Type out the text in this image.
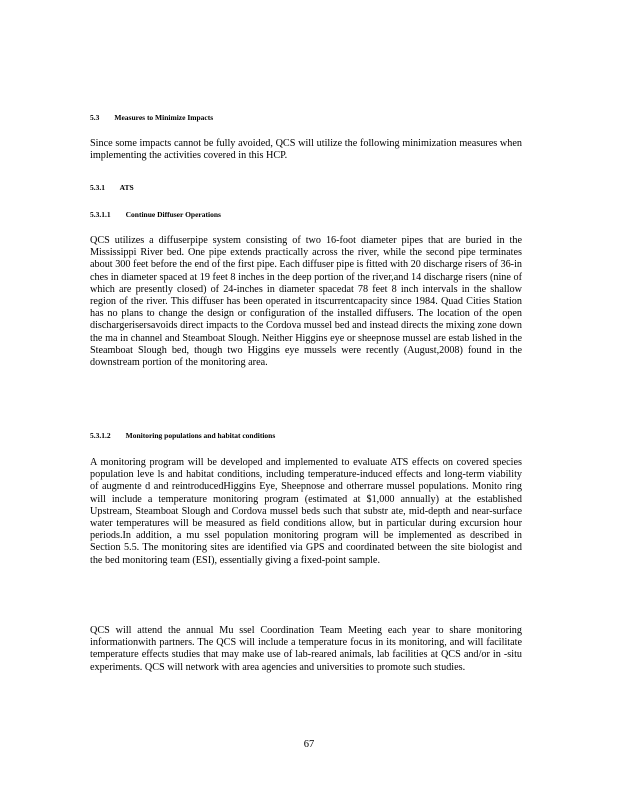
5.3 Measures to Minimize Impacts

Since some impacts cannot be fully avoided, QCS will utilize the following minimization measures when implementing the activities covered in this HCP.

5.3.1 ATS
5.3.1.1 Continue Diffuser Operations

QCS utilizes a diffuserpipe system consisting of two 16-foot diameter pipes that are buried in the Mississippi River bed. One pipe extends practically across the river, while the second pipe terminates about 300 feet before the end of the first pipe. Each diffuser pipe is fitted with 20 discharge risers of 36-in ches in diameter spaced at 19 feet 8 inches in the deep portion of the river,and 14 discharge risers (nine of which are presently closed) of 24-inches in diameter spacedat 78 feet 8 inch intervals in the shallow region of the river. This diffuser has been operated in itscurrentcapacity since 1984. Quad Cities Station has no plans to change the design or configuration of the installed diffusers. The location of the open dischargerisersavoids direct impacts to the Cordova mussel bed and instead directs the mixing zone down the ma in channel and Steamboat Slough. Neither Higgins eye or sheepnose mussel are estab lished in the Steamboat Slough bed, though two Higgins eye mussels were recently (August,2008) found in the downstream portion of the monitoring area.

5.3.1.2 Monitoring populations and habitat conditions

A monitoring program will be developed and implemented to evaluate ATS effects on covered species population leve ls and habitat conditions, including temperature-induced effects and long-term viability of augmente d and reintroducedHiggins Eye, Sheepnose and otherrare mussel populations. Monito ring will include a temperature monitoring program (estimated at $1,000 annually) at the established Upstream, Steamboat Slough and Cordova mussel beds such that substr ate, mid-depth and near-surface water temperatures will be measured as field conditions allow, but in particular during excursion hour periods.In addition, a mu ssel population monitoring program will be implemented as described in Section 5.5. The monitoring sites are identified via GPS and coordinated between the site biologist and the bed monitoring team (ESI), essentially giving a fixed-point sample.

QCS will attend the annual Mu ssel Coordination Team Meeting each year to share monitoring informationwith partners. The QCS will include a temperature focus in its monitoring, and will facilitate temperature effects studies that may make use of lab-reared animals, lab facilities at QCS and/or in -situ experiments. QCS will network with area agencies and universities to promote such studies.

67
